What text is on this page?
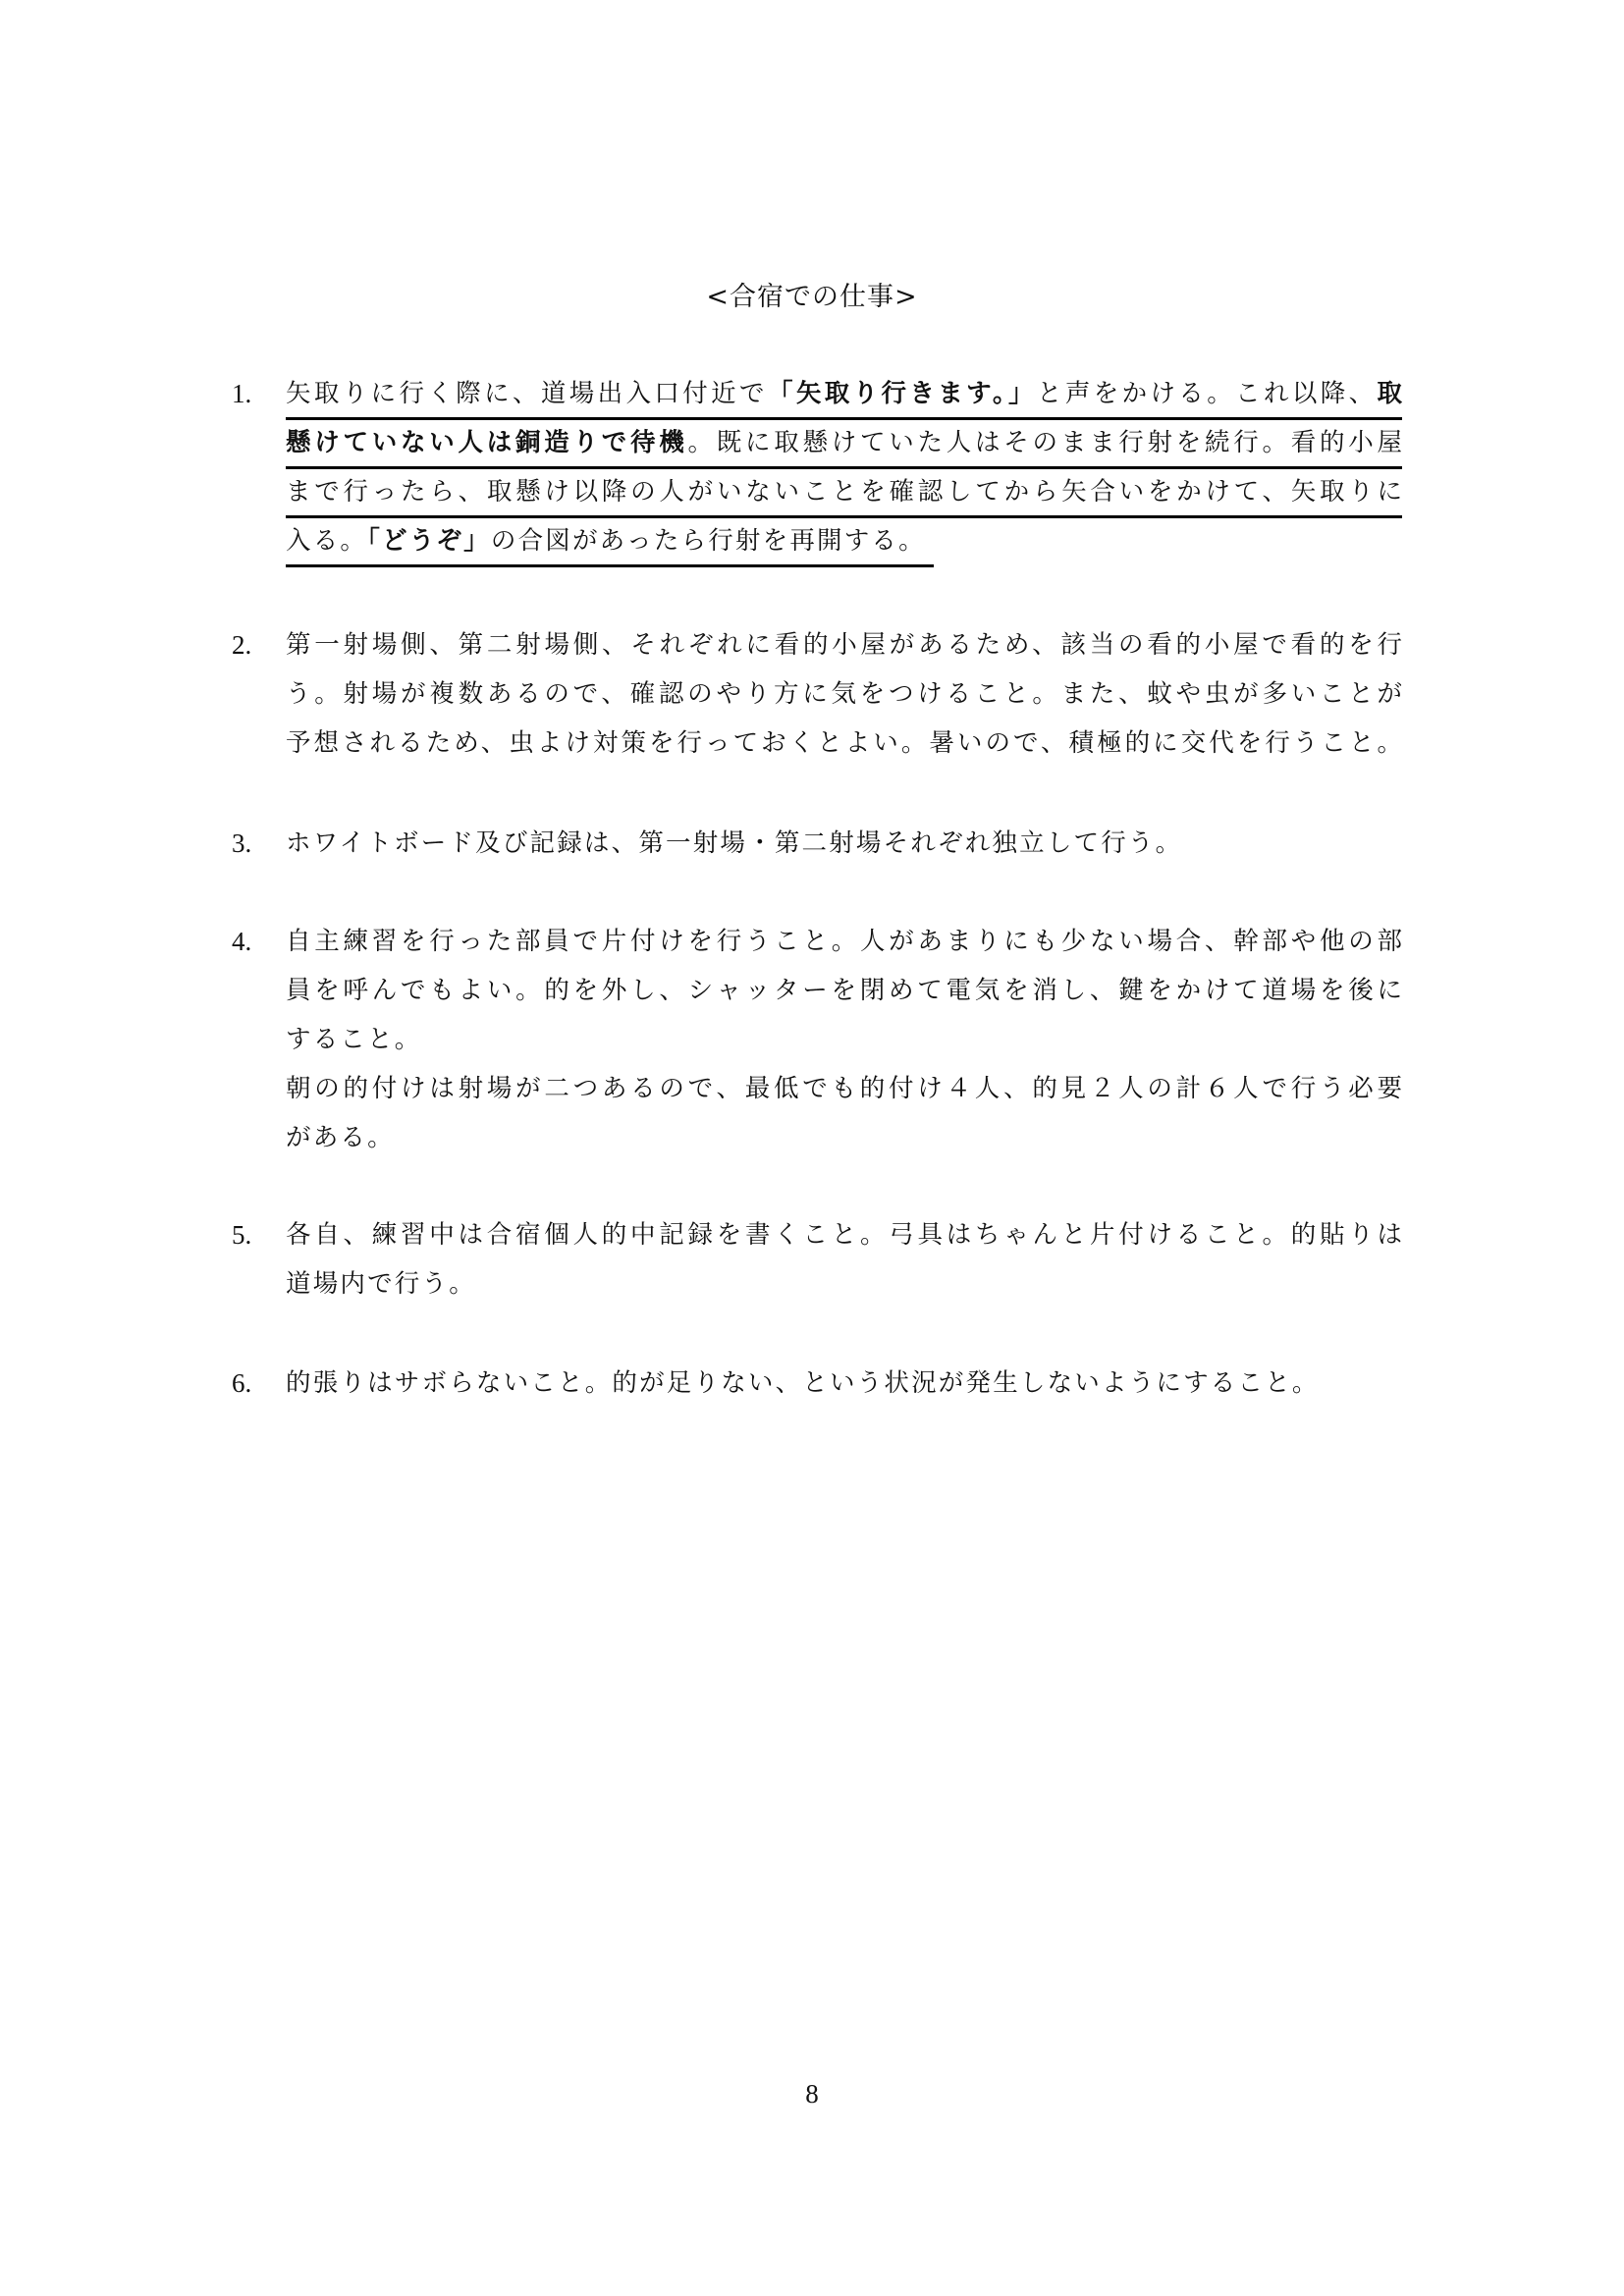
<合宿での仕事>
1.	矢取りに行く際に、道場出入口付近で「矢取り行きます。」と声をかける。これ以降、取
懸けていない人は銅造りで待機。既に取懸けていた人はそのまま行射を続行。看的小屋
まで行ったら、取懸け以降の人がいないことを確認してから矢合いをかけて、矢取りに
入る。「どうぞ」の合図があったら行射を再開する。
2.	第一射場側、第二射場側、それぞれに看的小屋があるため、該当の看的小屋で看的を行
う。射場が複数あるので、確認のやり方に気をつけること。また、蚊や虫が多いことが
予想されるため、虫よけ対策を行っておくとよい。暑いので、積極的に交代を行うこと。
3.	ホワイトボード及び記録は、第一射場・第二射場それぞれ独立して行う。
4.	自主練習を行った部員で片付けを行うこと。人があまりにも少ない場合、幹部や他の部
員を呼んでもよい。的を外し、シャッターを閉めて電気を消し、鍵をかけて道場を後に
すること。
朝の的付けは射場が二つあるので、最低でも的付け４人、的見２人の計６人で行う必要
がある。
5.	各自、練習中は合宿個人的中記録を書くこと。弓具はちゃんと片付けること。的貼りは
道場内で行う。
6.	的張りはサボらないこと。的が足りない、という状況が発生しないようにすること。
8
